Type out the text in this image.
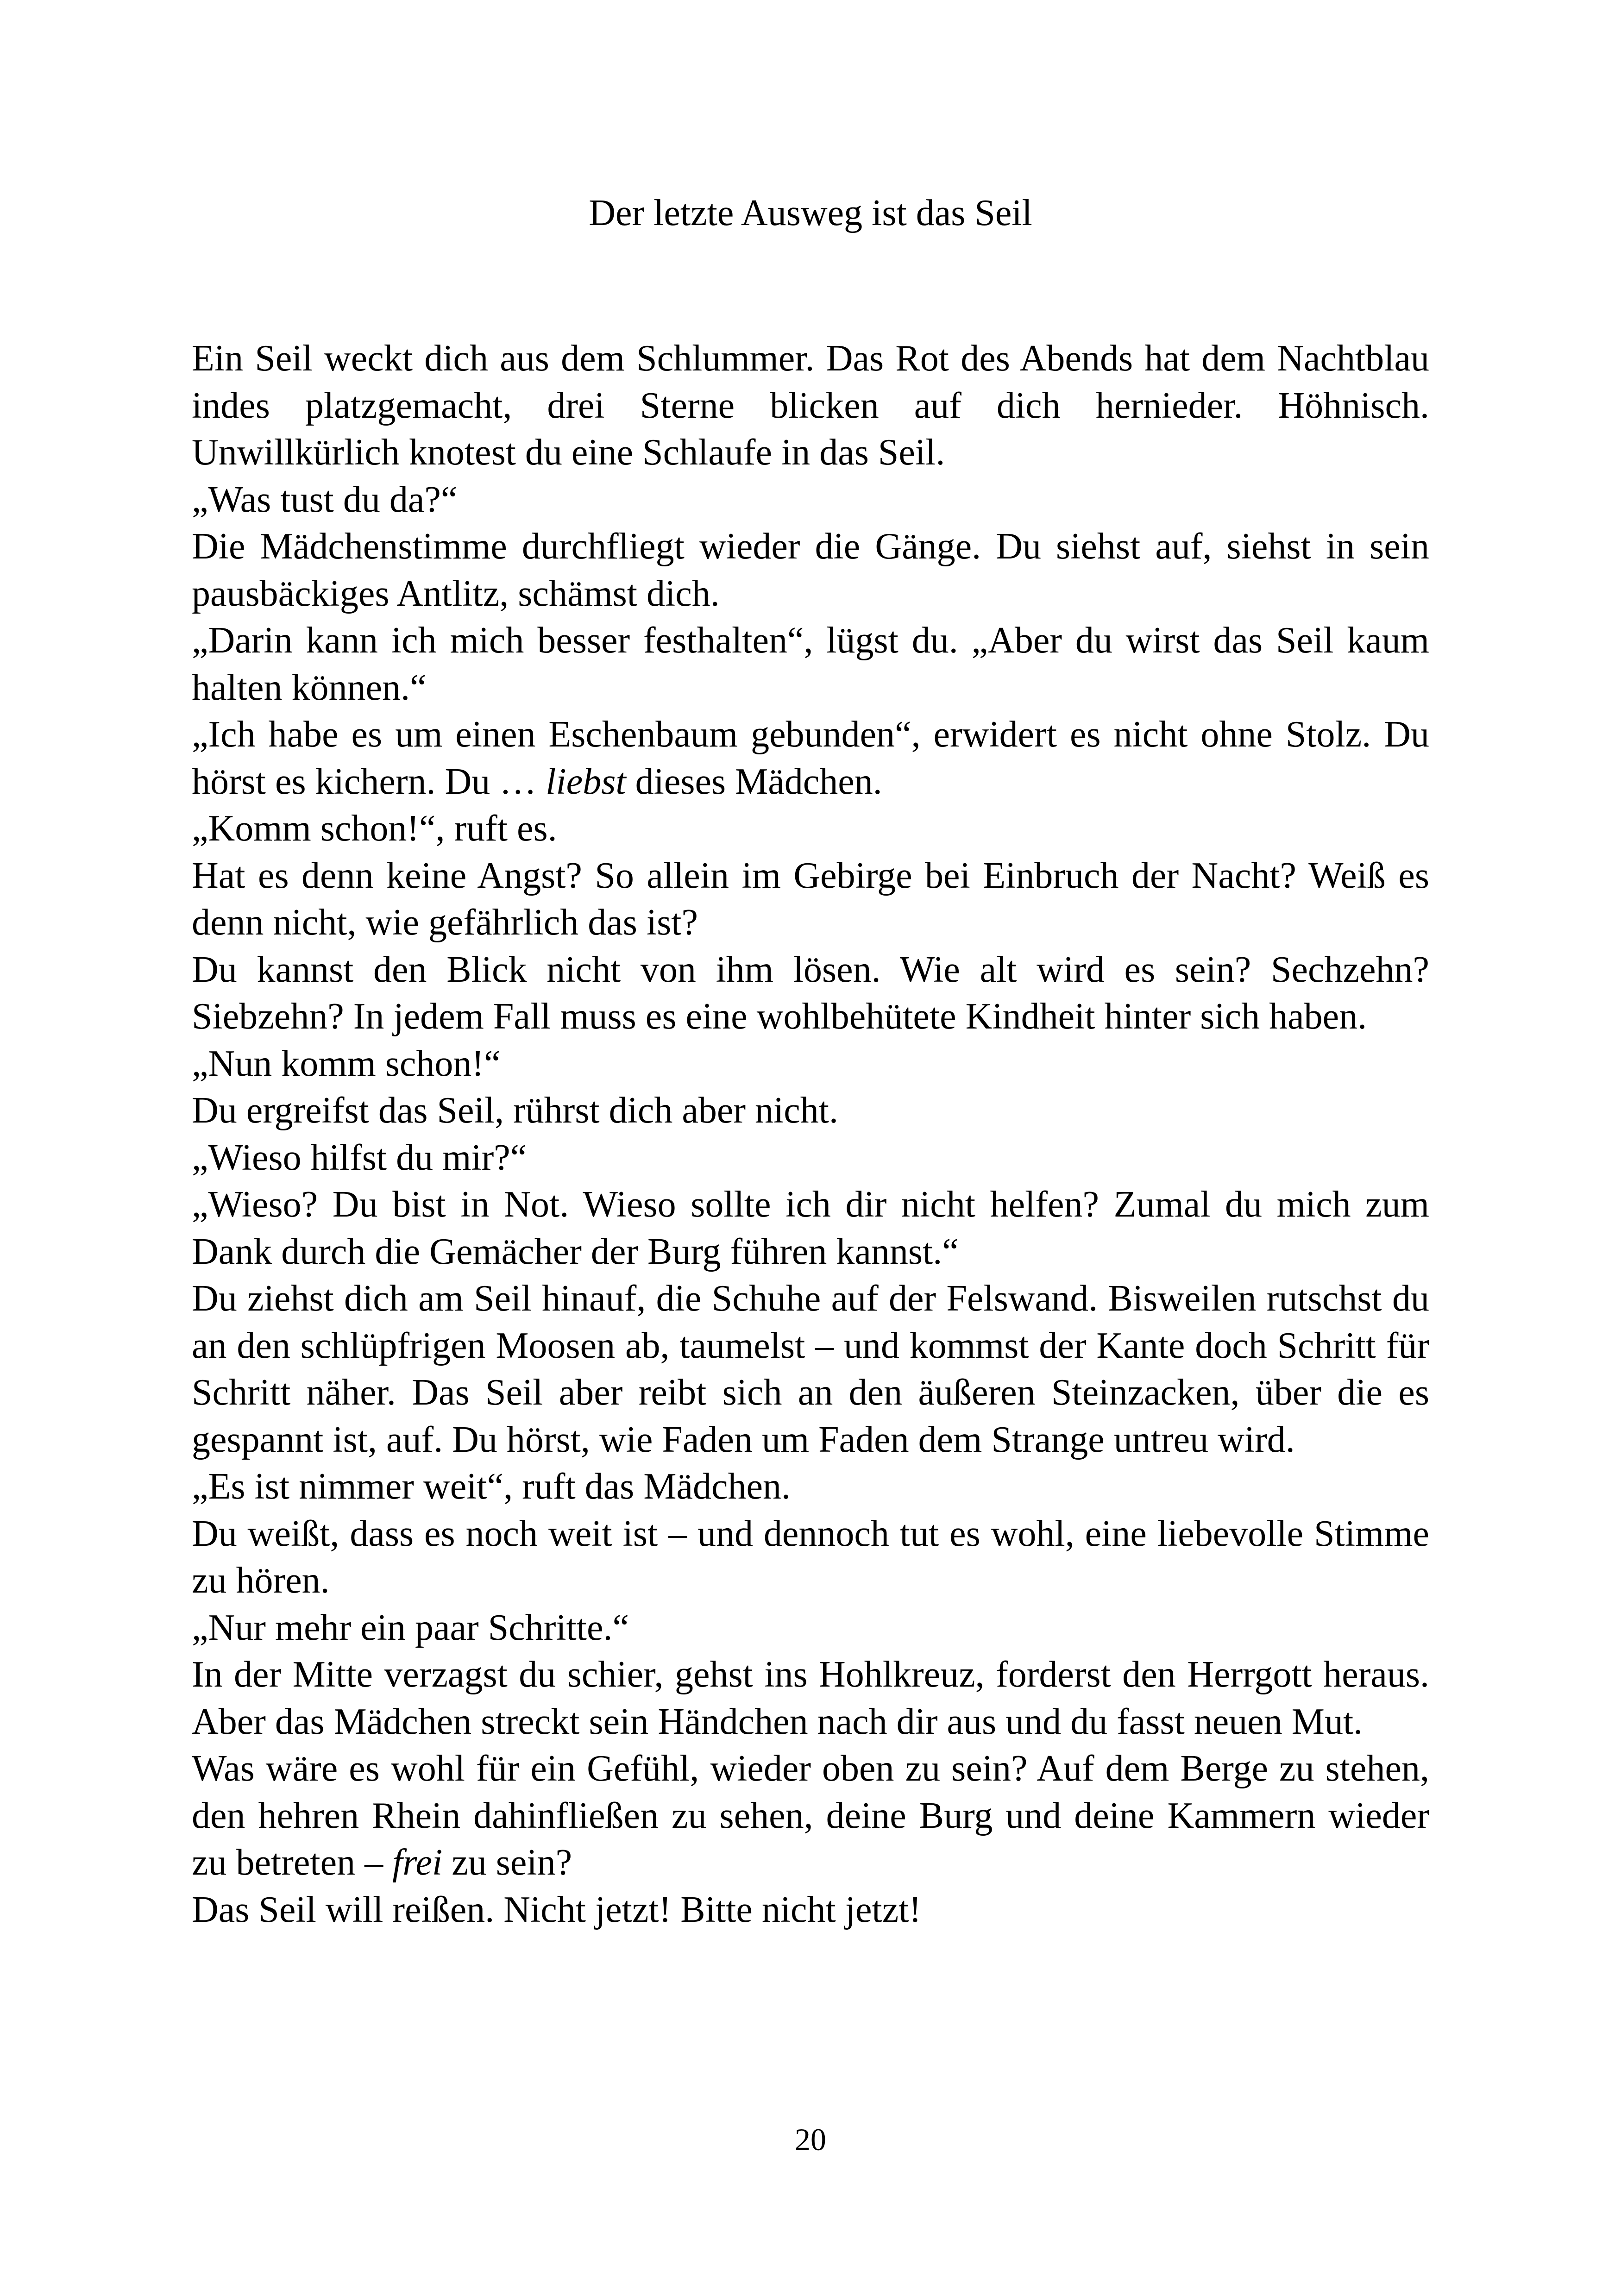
Der letzte Ausweg ist das Seil

Ein Seil weckt dich aus dem Schlummer. Das Rot des Abends hat dem Nachtblau indes platzgemacht, drei Sterne blicken auf dich hernieder. Höhnisch. Unwillkürlich knotest du eine Schlaufe in das Seil.

„Was tust du da?“

Die Mädchenstimme durchfliegt wieder die Gänge. Du siehst auf, siehst in sein pausbäckiges Antlitz, schämst dich.

„Darin kann ich mich besser festhalten“, lügst du. „Aber du wirst das Seil kaum halten können.“

„Ich habe es um einen Eschenbaum gebunden“, erwidert es nicht ohne Stolz. Du hörst es kichern. Du … liebst dieses Mädchen.

„Komm schon!“, ruft es.

Hat es denn keine Angst? So allein im Gebirge bei Einbruch der Nacht? Weiß es denn nicht, wie gefährlich das ist?

Du kannst den Blick nicht von ihm lösen. Wie alt wird es sein? Sechzehn? Siebzehn? In jedem Fall muss es eine wohlbehütete Kindheit hinter sich haben.

„Nun komm schon!“

Du ergreifst das Seil, rührst dich aber nicht.

„Wieso hilfst du mir?“

„Wieso? Du bist in Not. Wieso sollte ich dir nicht helfen? Zumal du mich zum Dank durch die Gemächer der Burg führen kannst.“

Du ziehst dich am Seil hinauf, die Schuhe auf der Felswand. Bisweilen rutschst du an den schlüpfrigen Moosen ab, taumelst – und kommst der Kante doch Schritt für Schritt näher. Das Seil aber reibt sich an den äußeren Steinzacken, über die es gespannt ist, auf. Du hörst, wie Faden um Faden dem Strange untreu wird.

„Es ist nimmer weit“, ruft das Mädchen.

Du weißt, dass es noch weit ist – und dennoch tut es wohl, eine liebevolle Stimme zu hören.

„Nur mehr ein paar Schritte.“

In der Mitte verzagst du schier, gehst ins Hohlkreuz, forderst den Herrgott heraus. Aber das Mädchen streckt sein Händchen nach dir aus und du fasst neuen Mut.

Was wäre es wohl für ein Gefühl, wieder oben zu sein? Auf dem Berge zu stehen, den hehren Rhein dahinfließen zu sehen, deine Burg und deine Kammern wieder zu betreten – frei zu sein?

Das Seil will reißen. Nicht jetzt! Bitte nicht jetzt!

20
